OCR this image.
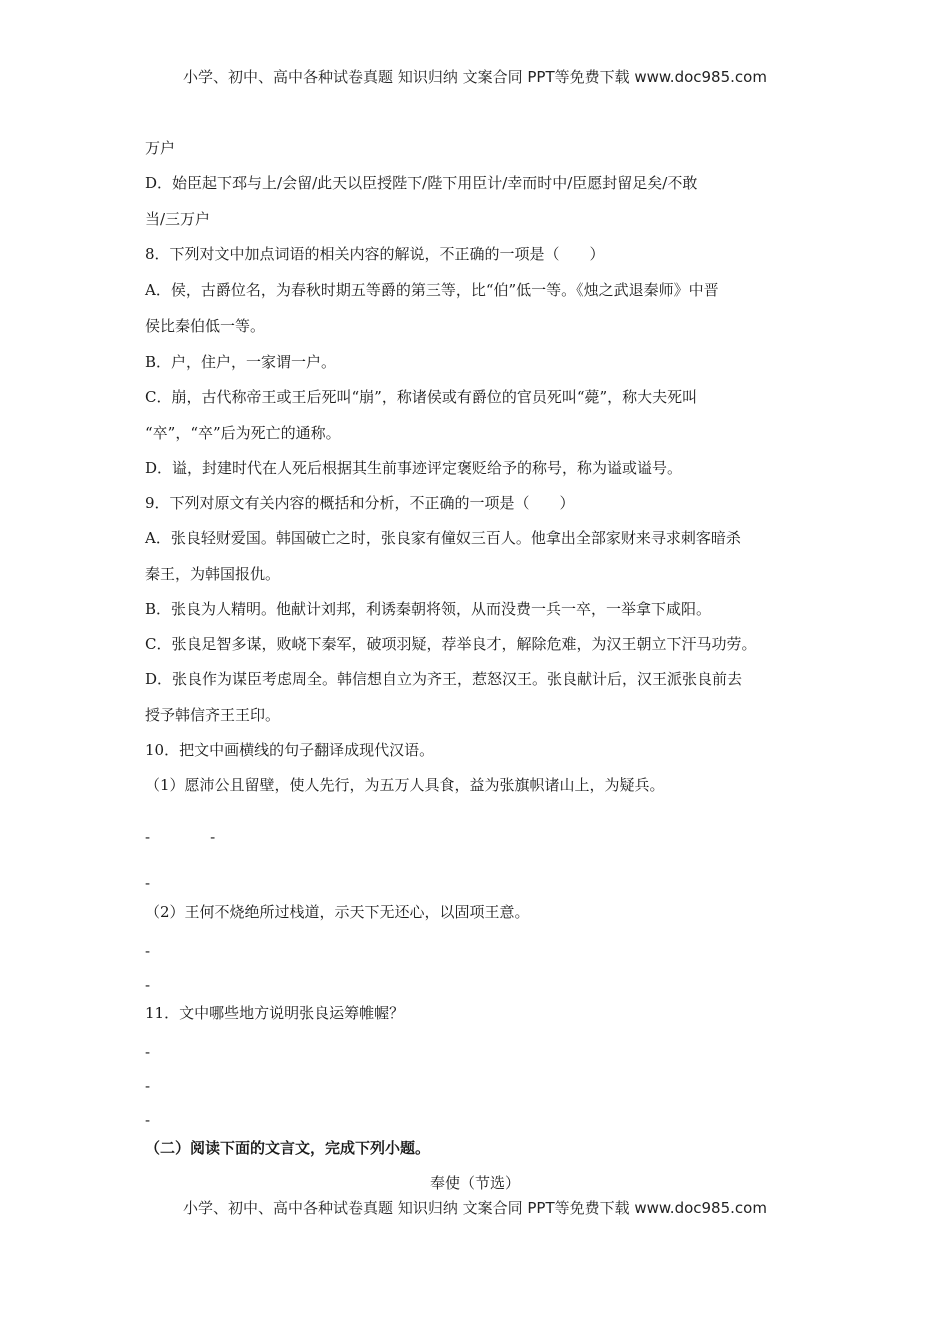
小学、初中、高中各种试卷真题 知识归纳 文案合同 PPT等免费下载 www.doc985.com
万户
D．始臣起下邳与上/会留/此天以臣授陛下/陛下用臣计/幸而时中/臣愿封留足矣/不敢
当/三万户
8．下列对文中加点词语的相关内容的解说，不正确的一项是（　　）
A．侯，古爵位名，为春秋时期五等爵的第三等，比“伯”低一等。《烛之武退秦师》中晋
侯比秦伯低一等。
B．户，住户，一家谓一户。
C．崩，古代称帝王或王后死叫“崩”，称诸侯或有爵位的官员死叫“薨”，称大夫死叫
“卒”，“卒”后为死亡的通称。
D．谥，封建时代在人死后根据其生前事迹评定褒贬给予的称号，称为谥或谥号。
9．下列对原文有关内容的概括和分析，不正确的一项是（　　）
A．张良轻财爱国。韩国破亡之时，张良家有僮奴三百人。他拿出全部家财来寻求刺客暗杀
秦王，为韩国报仇。
B．张良为人精明。他献计刘邦，利诱秦朝将领，从而没费一兵一卒，一举拿下咸阳。
C．张良足智多谋，败峣下秦军，破项羽疑，荐举良才，解除危难，为汉王朝立下汗马功劳。
D．张良作为谋臣考虑周全。韩信想自立为齐王，惹怒汉王。张良献计后，汉王派张良前去
授予韩信齐王王印。
10．把文中画横线的句子翻译成现代汉语。
（1）愿沛公且留壁，使人先行，为五万人具食，益为张旗帜诸山上，为疑兵。
-　　　　-
-
（2）王何不烧绝所过栈道，示天下无还心，以固项王意。
-
-
11．文中哪些地方说明张良运筹帷幄？
-
-
-
（二）阅读下面的文言文，完成下列小题。
奉使（节选）
小学、初中、高中各种试卷真题 知识归纳 文案合同 PPT等免费下载 www.doc985.com
